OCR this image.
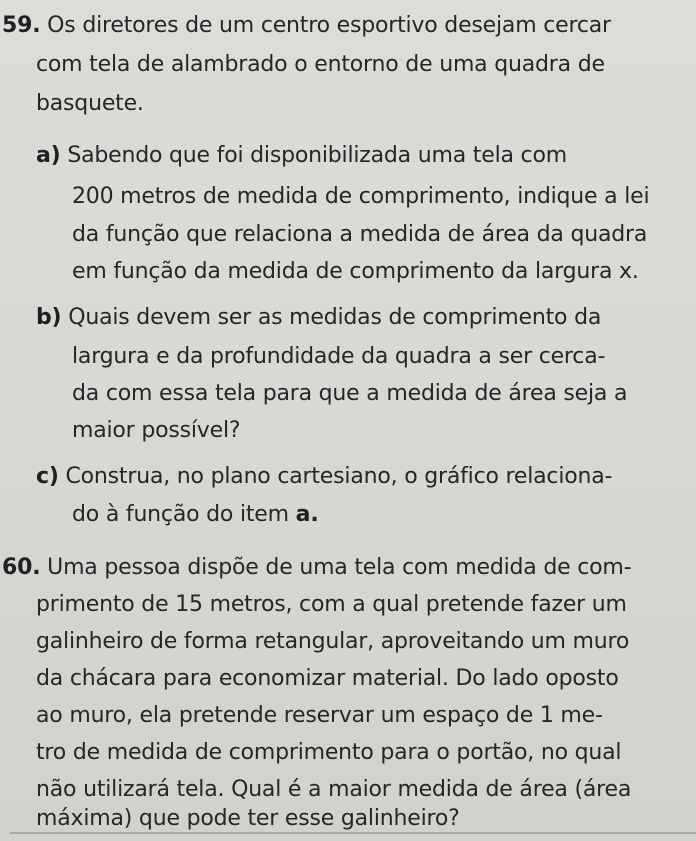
59. Os diretores de um centro esportivo desejam cercar
com tela de alambrado o entorno de uma quadra de
basquete.
a) Sabendo que foi disponibilizada uma tela com
200 metros de medida de comprimento, indique a lei
da função que relaciona a medida de área da quadra
em função da medida de comprimento da largura x.
b) Quais devem ser as medidas de comprimento da
largura e da profundidade da quadra a ser cerca-
da com essa tela para que a medida de área seja a
maior possível?
c) Construa, no plano cartesiano, o gráfico relaciona-
do à função do item a.
60. Uma pessoa dispõe de uma tela com medida de com-
primento de 15 metros, com a qual pretende fazer um
galinheiro de forma retangular, aproveitando um muro
da chácara para economizar material. Do lado oposto
ao muro, ela pretende reservar um espaço de 1 me-
tro de medida de comprimento para o portão, no qual
não utilizará tela. Qual é a maior medida de área (área
máxima) que pode ter esse galinheiro?
